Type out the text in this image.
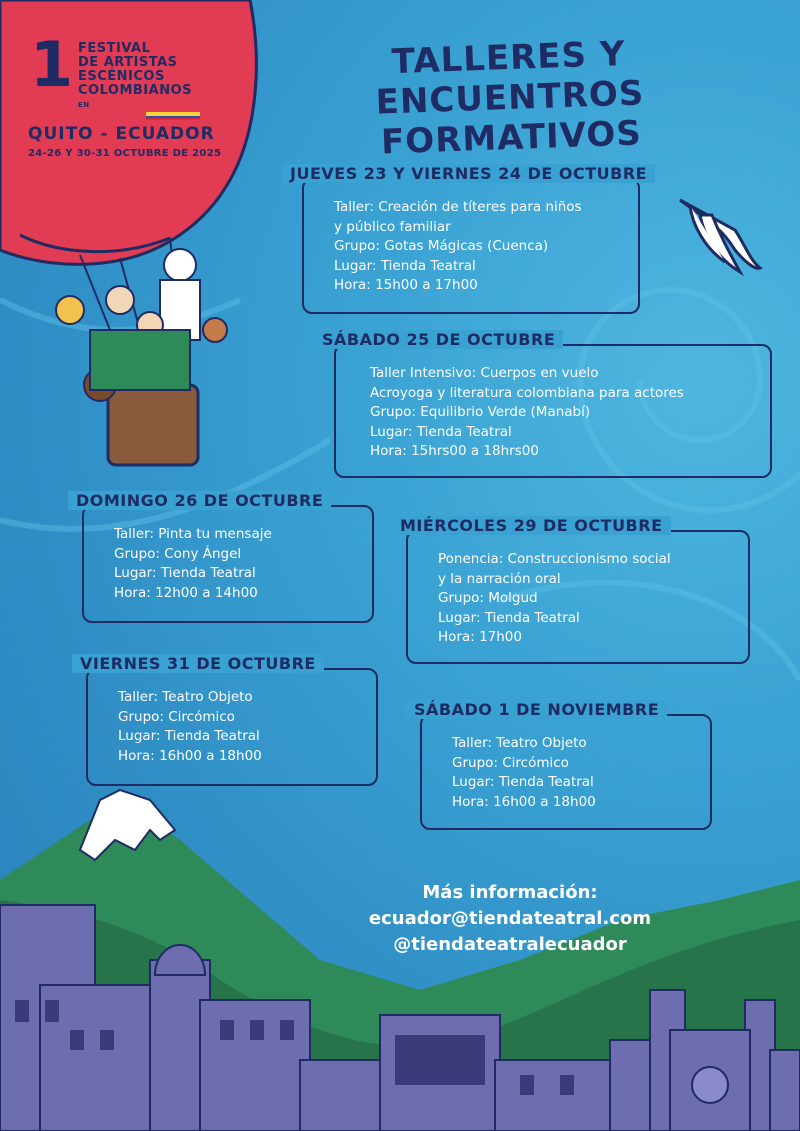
1 FESTIVAL
DE ARTISTAS
ESCÉNICOS
COLOMBIANOS
EN
QUITO - ECUADOR
24-26 Y 30-31 OCTUBRE DE 2025
TALLERES Y ENCUENTROS
FORMATIVOS
JUEVES 23 Y VIERNES 24 DE OCTUBRE
Taller: Creación de títeres para niños
y público familiar
Grupo: Gotas Mágicas (Cuenca)
Lugar: Tienda Teatral
Hora: 15h00 a 17h00
SÁBADO 25 DE OCTUBRE
Taller Intensivo: Cuerpos en vuelo
Acroyoga y literatura colombiana para actores
Grupo: Equilibrio Verde (Manabí)
Lugar: Tienda Teatral
Hora: 15hrs00 a 18hrs00
DOMINGO 26 DE OCTUBRE
Taller: Pinta tu mensaje
Grupo: Cony Ángel
Lugar: Tienda Teatral
Hora: 12h00 a 14h00
MIÉRCOLES 29 DE OCTUBRE
Ponencia: Construccionismo social
y la narración oral
Grupo: Molgud
Lugar: Tienda Teatral
Hora: 17h00
VIERNES 31 DE OCTUBRE
Taller: Teatro Objeto
Grupo: Circómico
Lugar: Tienda Teatral
Hora: 16h00 a 18h00
SÁBADO 1 DE NOVIEMBRE
Taller: Teatro Objeto
Grupo: Circómico
Lugar: Tienda Teatral
Hora: 16h00 a 18h00
Más información:
ecuador@tiendateatral.com
@tiendateatralecuador
